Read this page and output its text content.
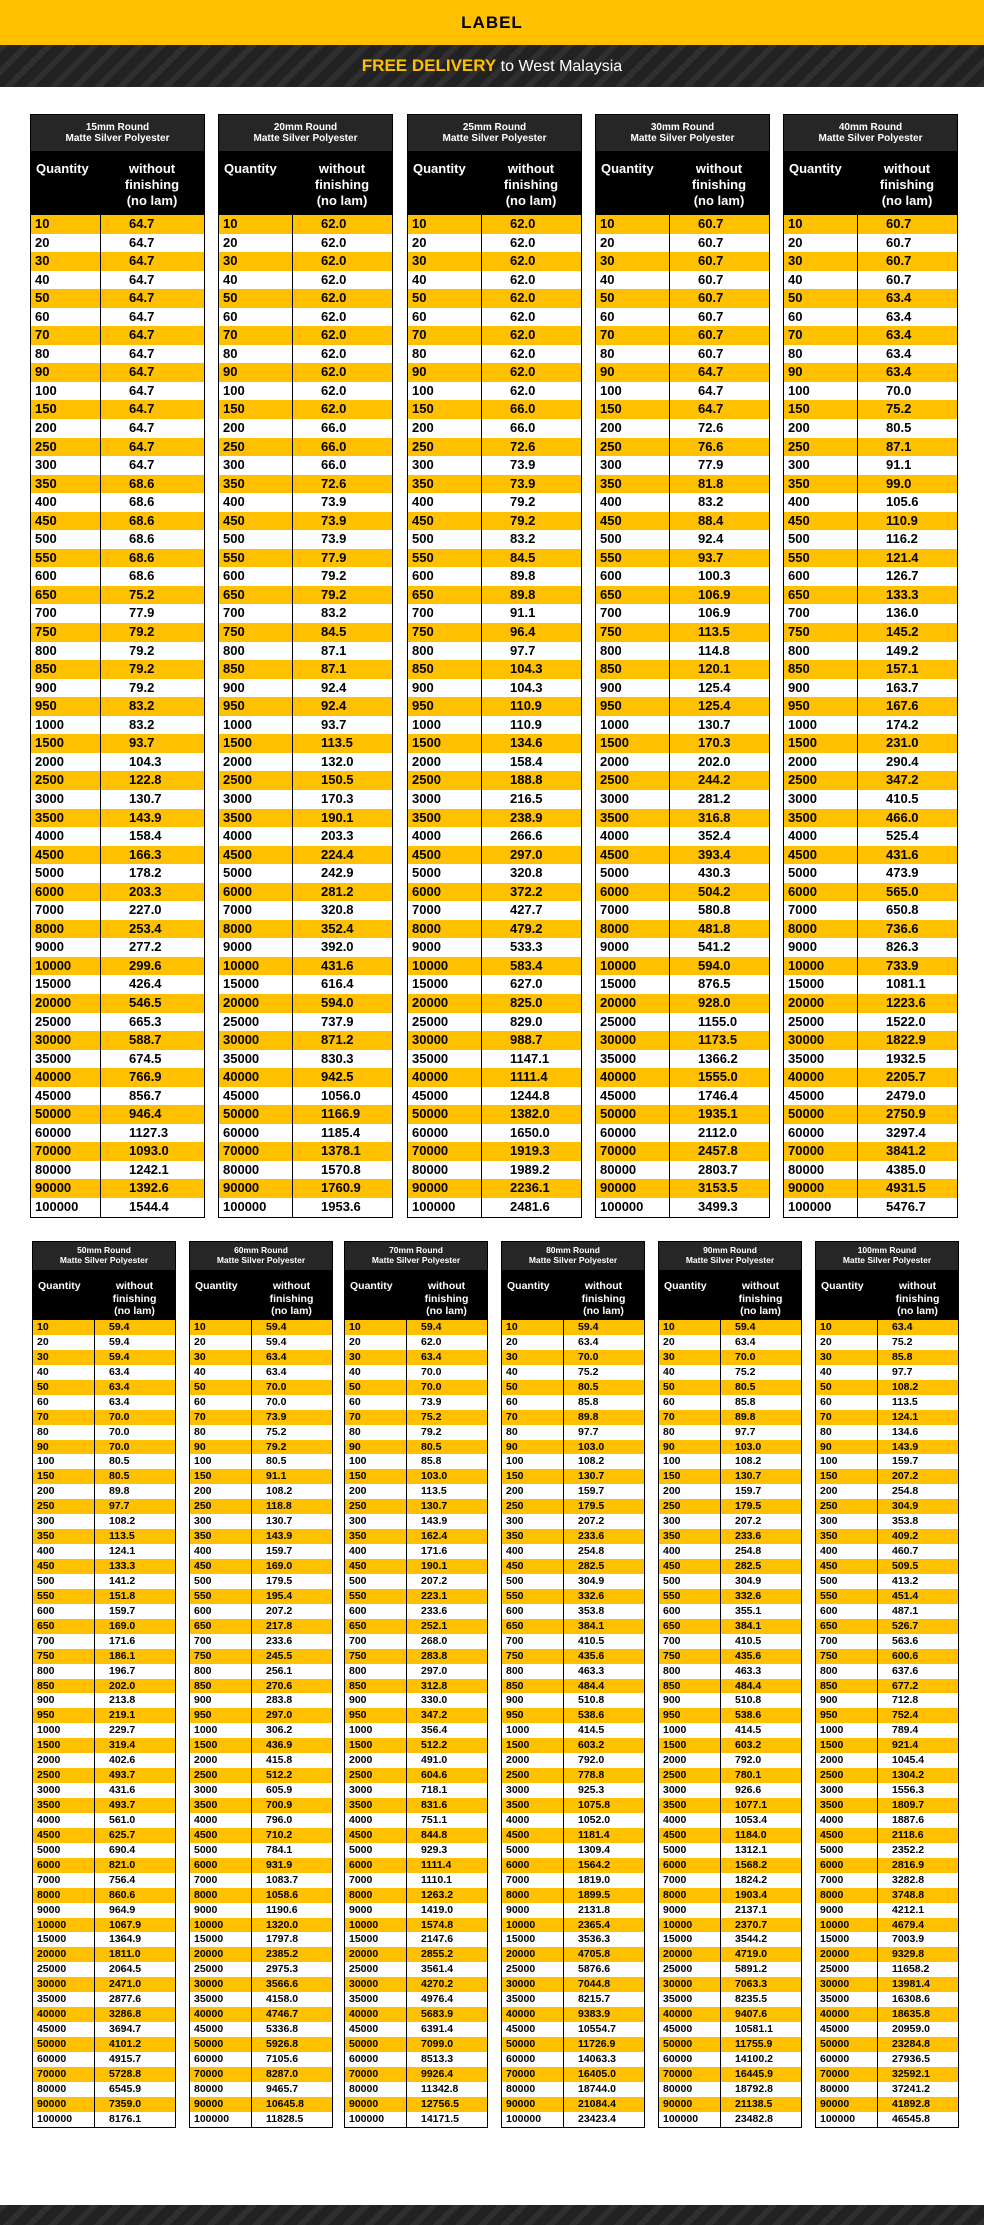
LABEL
FREE DELIVERY to West Malaysia
15mm Round
Matte Silver Polyester
Quantity	without
finishing
(no lam)
10	64.7
20	64.7
30	64.7
40	64.7
50	64.7
60	64.7
70	64.7
80	64.7
90	64.7
100	64.7
150	64.7
200	64.7
250	64.7
300	64.7
350	68.6
400	68.6
450	68.6
500	68.6
550	68.6
600	68.6
650	75.2
700	77.9
750	79.2
800	79.2
850	79.2
900	79.2
950	83.2
1000	83.2
1500	93.7
2000	104.3
2500	122.8
3000	130.7
3500	143.9
4000	158.4
4500	166.3
5000	178.2
6000	203.3
7000	227.0
8000	253.4
9000	277.2
10000	299.6
15000	426.4
20000	546.5
25000	665.3
30000	588.7
35000	674.5
40000	766.9
45000	856.7
50000	946.4
60000	1127.3
70000	1093.0
80000	1242.1
90000	1392.6
100000	1544.4
20mm Round
Matte Silver Polyester
Quantity	without
finishing
(no lam)
10	62.0
20	62.0
30	62.0
40	62.0
50	62.0
60	62.0
70	62.0
80	62.0
90	62.0
100	62.0
150	62.0
200	66.0
250	66.0
300	66.0
350	72.6
400	73.9
450	73.9
500	73.9
550	77.9
600	79.2
650	79.2
700	83.2
750	84.5
800	87.1
850	87.1
900	92.4
950	92.4
1000	93.7
1500	113.5
2000	132.0
2500	150.5
3000	170.3
3500	190.1
4000	203.3
4500	224.4
5000	242.9
6000	281.2
7000	320.8
8000	352.4
9000	392.0
10000	431.6
15000	616.4
20000	594.0
25000	737.9
30000	871.2
35000	830.3
40000	942.5
45000	1056.0
50000	1166.9
60000	1185.4
70000	1378.1
80000	1570.8
90000	1760.9
100000	1953.6
25mm Round
Matte Silver Polyester
Quantity	without
finishing
(no lam)
10	62.0
20	62.0
30	62.0
40	62.0
50	62.0
60	62.0
70	62.0
80	62.0
90	62.0
100	62.0
150	66.0
200	66.0
250	72.6
300	73.9
350	73.9
400	79.2
450	79.2
500	83.2
550	84.5
600	89.8
650	89.8
700	91.1
750	96.4
800	97.7
850	104.3
900	104.3
950	110.9
1000	110.9
1500	134.6
2000	158.4
2500	188.8
3000	216.5
3500	238.9
4000	266.6
4500	297.0
5000	320.8
6000	372.2
7000	427.7
8000	479.2
9000	533.3
10000	583.4
15000	627.0
20000	825.0
25000	829.0
30000	988.7
35000	1147.1
40000	1111.4
45000	1244.8
50000	1382.0
60000	1650.0
70000	1919.3
80000	1989.2
90000	2236.1
100000	2481.6
30mm Round
Matte Silver Polyester
Quantity	without
finishing
(no lam)
10	60.7
20	60.7
30	60.7
40	60.7
50	60.7
60	60.7
70	60.7
80	60.7
90	64.7
100	64.7
150	64.7
200	72.6
250	76.6
300	77.9
350	81.8
400	83.2
450	88.4
500	92.4
550	93.7
600	100.3
650	106.9
700	106.9
750	113.5
800	114.8
850	120.1
900	125.4
950	125.4
1000	130.7
1500	170.3
2000	202.0
2500	244.2
3000	281.2
3500	316.8
4000	352.4
4500	393.4
5000	430.3
6000	504.2
7000	580.8
8000	481.8
9000	541.2
10000	594.0
15000	876.5
20000	928.0
25000	1155.0
30000	1173.5
35000	1366.2
40000	1555.0
45000	1746.4
50000	1935.1
60000	2112.0
70000	2457.8
80000	2803.7
90000	3153.5
100000	3499.3
40mm Round
Matte Silver Polyester
Quantity	without
finishing
(no lam)
10	60.7
20	60.7
30	60.7
40	60.7
50	63.4
60	63.4
70	63.4
80	63.4
90	63.4
100	70.0
150	75.2
200	80.5
250	87.1
300	91.1
350	99.0
400	105.6
450	110.9
500	116.2
550	121.4
600	126.7
650	133.3
700	136.0
750	145.2
800	149.2
850	157.1
900	163.7
950	167.6
1000	174.2
1500	231.0
2000	290.4
2500	347.2
3000	410.5
3500	466.0
4000	525.4
4500	431.6
5000	473.9
6000	565.0
7000	650.8
8000	736.6
9000	826.3
10000	733.9
15000	1081.1
20000	1223.6
25000	1522.0
30000	1822.9
35000	1932.5
40000	2205.7
45000	2479.0
50000	2750.9
60000	3297.4
70000	3841.2
80000	4385.0
90000	4931.5
100000	5476.7
50mm Round
Matte Silver Polyester
Quantity	without
finishing
(no lam)
10	59.4
20	59.4
30	59.4
40	63.4
50	63.4
60	63.4
70	70.0
80	70.0
90	70.0
100	80.5
150	80.5
200	89.8
250	97.7
300	108.2
350	113.5
400	124.1
450	133.3
500	141.2
550	151.8
600	159.7
650	169.0
700	171.6
750	186.1
800	196.7
850	202.0
900	213.8
950	219.1
1000	229.7
1500	319.4
2000	402.6
2500	493.7
3000	431.6
3500	493.7
4000	561.0
4500	625.7
5000	690.4
6000	821.0
7000	756.4
8000	860.6
9000	964.9
10000	1067.9
15000	1364.9
20000	1811.0
25000	2064.5
30000	2471.0
35000	2877.6
40000	3286.8
45000	3694.7
50000	4101.2
60000	4915.7
70000	5728.8
80000	6545.9
90000	7359.0
100000	8176.1
60mm Round
Matte Silver Polyester
Quantity	without
finishing
(no lam)
10	59.4
20	59.4
30	63.4
40	63.4
50	70.0
60	70.0
70	73.9
80	75.2
90	79.2
100	80.5
150	91.1
200	108.2
250	118.8
300	130.7
350	143.9
400	159.7
450	169.0
500	179.5
550	195.4
600	207.2
650	217.8
700	233.6
750	245.5
800	256.1
850	270.6
900	283.8
950	297.0
1000	306.2
1500	436.9
2000	415.8
2500	512.2
3000	605.9
3500	700.9
4000	796.0
4500	710.2
5000	784.1
6000	931.9
7000	1083.7
8000	1058.6
9000	1190.6
10000	1320.0
15000	1797.8
20000	2385.2
25000	2975.3
30000	3566.6
35000	4158.0
40000	4746.7
45000	5336.8
50000	5926.8
60000	7105.6
70000	8287.0
80000	9465.7
90000	10645.8
100000	11828.5
70mm Round
Matte Silver Polyester
Quantity	without
finishing
(no lam)
10	59.4
20	62.0
30	63.4
40	70.0
50	70.0
60	73.9
70	75.2
80	79.2
90	80.5
100	85.8
150	103.0
200	113.5
250	130.7
300	143.9
350	162.4
400	171.6
450	190.1
500	207.2
550	223.1
600	233.6
650	252.1
700	268.0
750	283.8
800	297.0
850	312.8
900	330.0
950	347.2
1000	356.4
1500	512.2
2000	491.0
2500	604.6
3000	718.1
3500	831.6
4000	751.1
4500	844.8
5000	929.3
6000	1111.4
7000	1110.1
8000	1263.2
9000	1419.0
10000	1574.8
15000	2147.6
20000	2855.2
25000	3561.4
30000	4270.2
35000	4976.4
40000	5683.9
45000	6391.4
50000	7099.0
60000	8513.3
70000	9926.4
80000	11342.8
90000	12756.5
100000	14171.5
80mm Round
Matte Silver Polyester
Quantity	without
finishing
(no lam)
10	59.4
20	63.4
30	70.0
40	75.2
50	80.5
60	85.8
70	89.8
80	97.7
90	103.0
100	108.2
150	130.7
200	159.7
250	179.5
300	207.2
350	233.6
400	254.8
450	282.5
500	304.9
550	332.6
600	353.8
650	384.1
700	410.5
750	435.6
800	463.3
850	484.4
900	510.8
950	538.6
1000	414.5
1500	603.2
2000	792.0
2500	778.8
3000	925.3
3500	1075.8
4000	1052.0
4500	1181.4
5000	1309.4
6000	1564.2
7000	1819.0
8000	1899.5
9000	2131.8
10000	2365.4
15000	3536.3
20000	4705.8
25000	5876.6
30000	7044.8
35000	8215.7
40000	9383.9
45000	10554.7
50000	11726.9
60000	14063.3
70000	16405.0
80000	18744.0
90000	21084.4
100000	23423.4
90mm Round
Matte Silver Polyester
Quantity	without
finishing
(no lam)
10	59.4
20	63.4
30	70.0
40	75.2
50	80.5
60	85.8
70	89.8
80	97.7
90	103.0
100	108.2
150	130.7
200	159.7
250	179.5
300	207.2
350	233.6
400	254.8
450	282.5
500	304.9
550	332.6
600	355.1
650	384.1
700	410.5
750	435.6
800	463.3
850	484.4
900	510.8
950	538.6
1000	414.5
1500	603.2
2000	792.0
2500	780.1
3000	926.6
3500	1077.1
4000	1053.4
4500	1184.0
5000	1312.1
6000	1568.2
7000	1824.2
8000	1903.4
9000	2137.1
10000	2370.7
15000	3544.2
20000	4719.0
25000	5891.2
30000	7063.3
35000	8235.5
40000	9407.6
45000	10581.1
50000	11755.9
60000	14100.2
70000	16445.9
80000	18792.8
90000	21138.5
100000	23482.8
100mm Round
Matte Silver Polyester
Quantity	without
finishing
(no lam)
10	63.4
20	75.2
30	85.8
40	97.7
50	108.2
60	113.5
70	124.1
80	134.6
90	143.9
100	159.7
150	207.2
200	254.8
250	304.9
300	353.8
350	409.2
400	460.7
450	509.5
500	413.2
550	451.4
600	487.1
650	526.7
700	563.6
750	600.6
800	637.6
850	677.2
900	712.8
950	752.4
1000	789.4
1500	921.4
2000	1045.4
2500	1304.2
3000	1556.3
3500	1809.7
4000	1887.6
4500	2118.6
5000	2352.2
6000	2816.9
7000	3282.8
8000	3748.8
9000	4212.1
10000	4679.4
15000	7003.9
20000	9329.8
25000	11658.2
30000	13981.4
35000	16308.6
40000	18635.8
45000	20959.0
50000	23284.8
60000	27936.5
70000	32592.1
80000	37241.2
90000	41892.8
100000	46545.8
